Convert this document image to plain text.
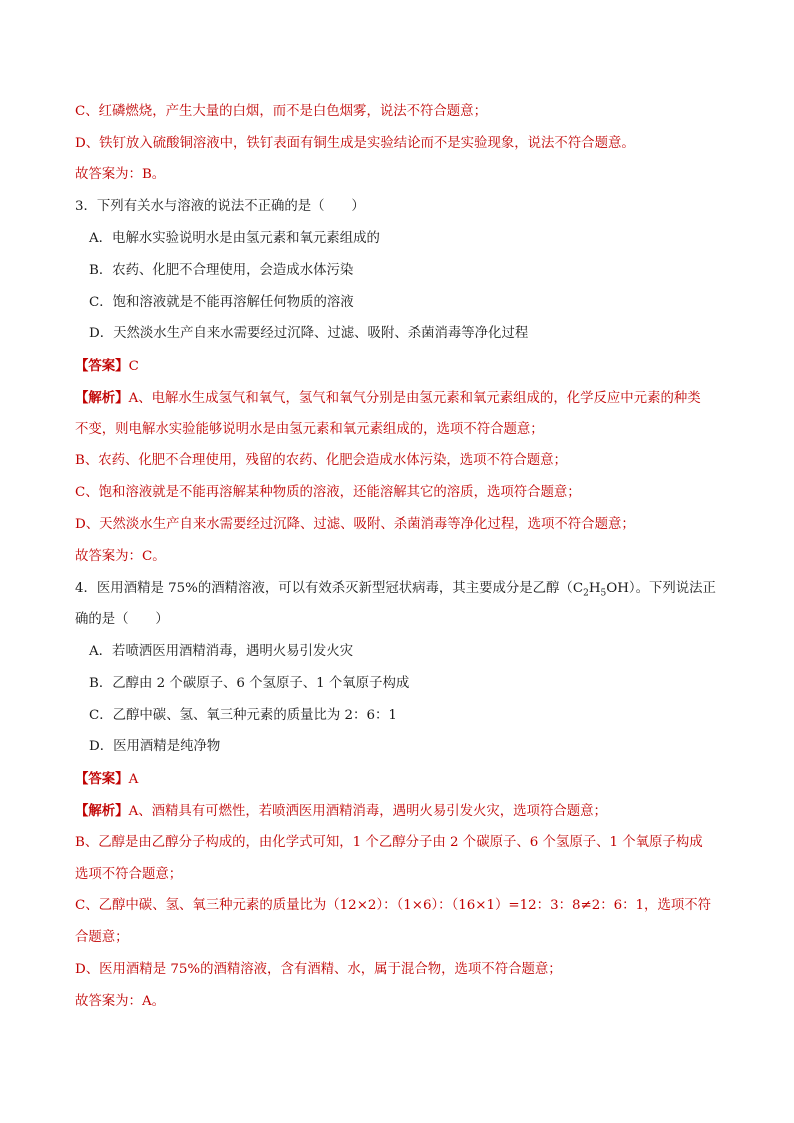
C、红磷燃烧，产生大量的白烟，而不是白色烟雾，说法不符合题意；
D、铁钉放入硫酸铜溶液中，铁钉表面有铜生成是实验结论而不是实验现象，说法不符合题意。
故答案为：B。
3．下列有关水与溶液的说法不正确的是（　　）
A．电解水实验说明水是由氢元素和氧元素组成的
B．农药、化肥不合理使用，会造成水体污染
C．饱和溶液就是不能再溶解任何物质的溶液
D．天然淡水生产自来水需要经过沉降、过滤、吸附、杀菌消毒等净化过程
【答案】C
【解析】A、电解水生成氢气和氧气，氢气和氧气分别是由氢元素和氧元素组成的，化学反应中元素的种类
不变，则电解水实验能够说明水是由氢元素和氧元素组成的，选项不符合题意；
B、农药、化肥不合理使用，残留的农药、化肥会造成水体污染，选项不符合题意；
C、饱和溶液就是不能再溶解某种物质的溶液，还能溶解其它的溶质，选项符合题意；
D、天然淡水生产自来水需要经过沉降、过滤、吸附、杀菌消毒等净化过程，选项不符合题意；
故答案为：C。
4．医用酒精是 75%的酒精溶液，可以有效杀灭新型冠状病毒，其主要成分是乙醇$(C_2H_5OH)$。下列说法正
确的是（　　）
A．若喷洒医用酒精消毒，遇明火易引发火灾
B．乙醇由 2 个碳原子、6 个氢原子、1 个氧原子构成
C．乙醇中碳、氢、氧三种元素的质量比为 2：6：1
D．医用酒精是纯净物
【答案】A
【解析】A、酒精具有可燃性，若喷洒医用酒精消毒，遇明火易引发火灾，选项符合题意；
B、乙醇是由乙醇分子构成的，由化学式可知，1 个乙醇分子由 2 个碳原子、6 个氢原子、1 个氧原子构成
选项不符合题意；
C、乙醇中碳、氢、氧三种元素的质量比为（12×2）：（1×6）：（16×1）=12：3：8≠2：6：1，选项不符
合题意；
D、医用酒精是 75%的酒精溶液，含有酒精、水，属于混合物，选项不符合题意；
故答案为：A。
